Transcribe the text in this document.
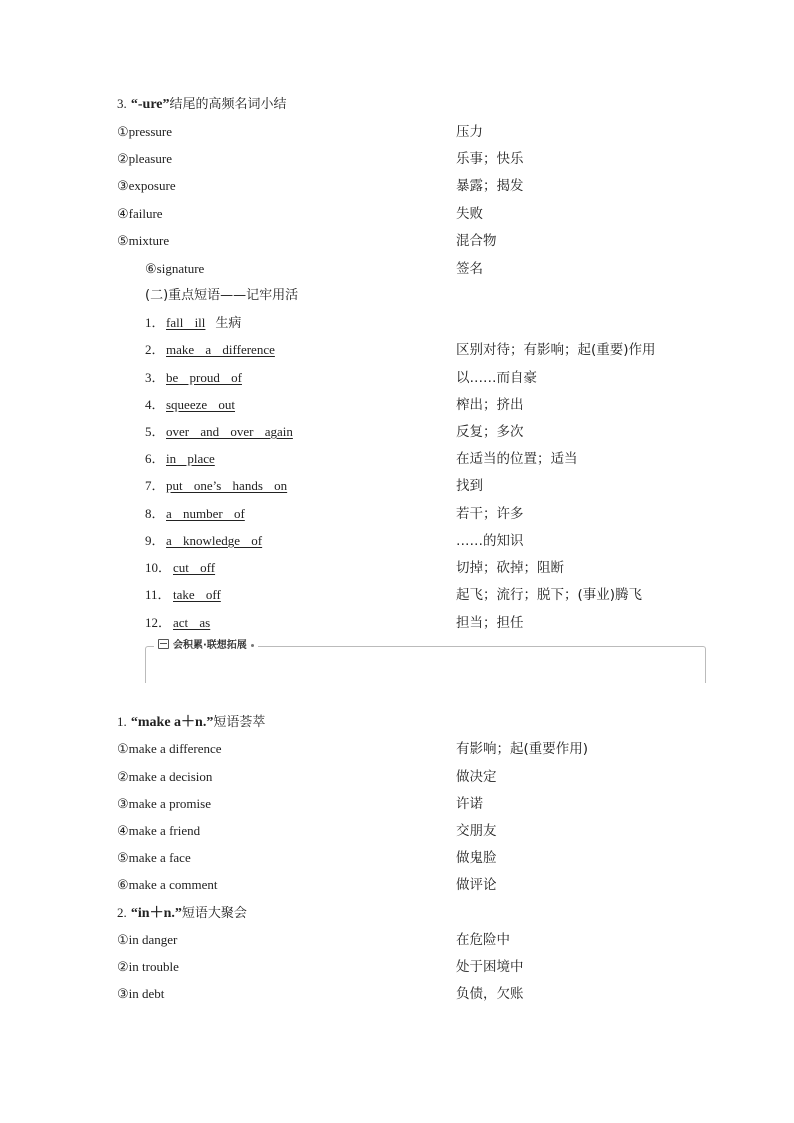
3. “-ure”结尾的高频名词小结
①pressure	压力
②pleasure	乐事；快乐
③exposure	暴露；揭发
④failure	失败
⑤mixture	混合物
⑥signature	签名
(二)重点短语——记牢用活
1． fall ill 生病
2． make a difference	区别对待；有影响；起(重要)作用
3． be proud of	以……而自豪
4． squeeze out	榨出；挤出
5． over and over again	反复；多次
6． in place	在适当的位置；适当
7． put one’s hands on	找到
8． a number of	若干；许多
9． a knowledge of	……的知识
10． cut off	切掉；砍掉；阻断
11． take off	起飞；流行；脱下；(事业)腾飞
12． act as	担当；担任
会积累·联想拓展
1. “make a＋n.”短语荟萃
①make a difference	有影响；起(重要作用)
②make a decision	做决定
③make a promise	许诺
④make a friend	交朋友
⑤make a face	做鬼脸
⑥make a comment	做评论
2. “in＋n.”短语大聚会
①in danger	在危险中
②in trouble	处于困境中
③in debt	负债，欠账
